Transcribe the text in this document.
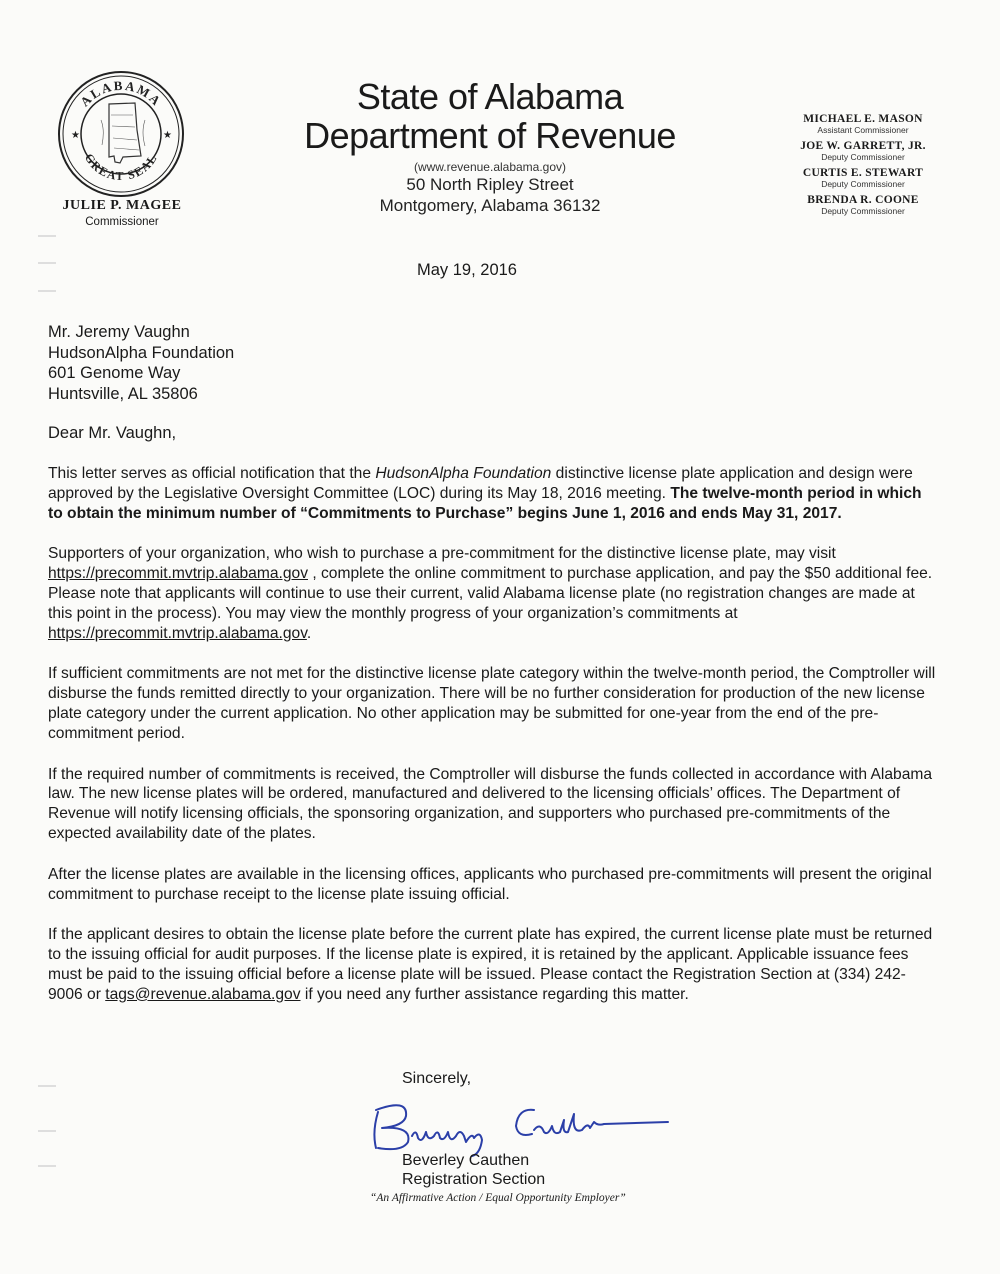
ALABAMA
GREAT SEAL
★	★
JULIE P. MAGEE
Commissioner
State of Alabama
Department of Revenue
(www.revenue.alabama.gov)
50 North Ripley Street
Montgomery, Alabama 36132
MICHAEL E. MASON
Assistant Commissioner
JOE W. GARRETT, JR.
Deputy Commissioner
CURTIS E. STEWART
Deputy Commissioner
BRENDA R. COONE
Deputy Commissioner
May 19, 2016
Mr. Jeremy Vaughn
HudsonAlpha Foundation
601 Genome Way
Huntsville, AL 35806
Dear Mr. Vaughn,

This letter serves as official notification that the HudsonAlpha Foundation distinctive license plate application and design were approved by the Legislative Oversight Committee (LOC) during its May 18, 2016 meeting. The twelve-month period in which to obtain the minimum number of “Commitments to Purchase” begins June 1, 2016 and ends May 31, 2017.

Supporters of your organization, who wish to purchase a pre-commitment for the distinctive license plate, may visit https://precommit.mvtrip.alabama.gov , complete the online commitment to purchase application, and pay the $50 additional fee. Please note that applicants will continue to use their current, valid Alabama license plate (no registration changes are made at this point in the process). You may view the monthly progress of your organization’s commitments at https://precommit.mvtrip.alabama.gov.

If sufficient commitments are not met for the distinctive license plate category within the twelve-month period, the Comptroller will disburse the funds remitted directly to your organization. There will be no further consideration for production of the new license plate category under the current application. No other application may be submitted for one-year from the end of the pre-commitment period.

If the required number of commitments is received, the Comptroller will disburse the funds collected in accordance with Alabama law. The new license plates will be ordered, manufactured and delivered to the licensing officials’ offices. The Department of Revenue will notify licensing officials, the sponsoring organization, and supporters who purchased pre-commitments of the expected availability date of the plates.

After the license plates are available in the licensing offices, applicants who purchased pre-commitments will present the original commitment to purchase receipt to the license plate issuing official.

If the applicant desires to obtain the license plate before the current plate has expired, the current license plate must be returned to the issuing official for audit purposes. If the license plate is expired, it is retained by the applicant. Applicable issuance fees must be paid to the issuing official before a license plate will be issued. Please contact the Registration Section at (334) 242-9006 or tags@revenue.alabama.gov if you need any further assistance regarding this matter.

Sincerely,
Beverley Cauthen
Registration Section
“An Affirmative Action / Equal Opportunity Employer”
